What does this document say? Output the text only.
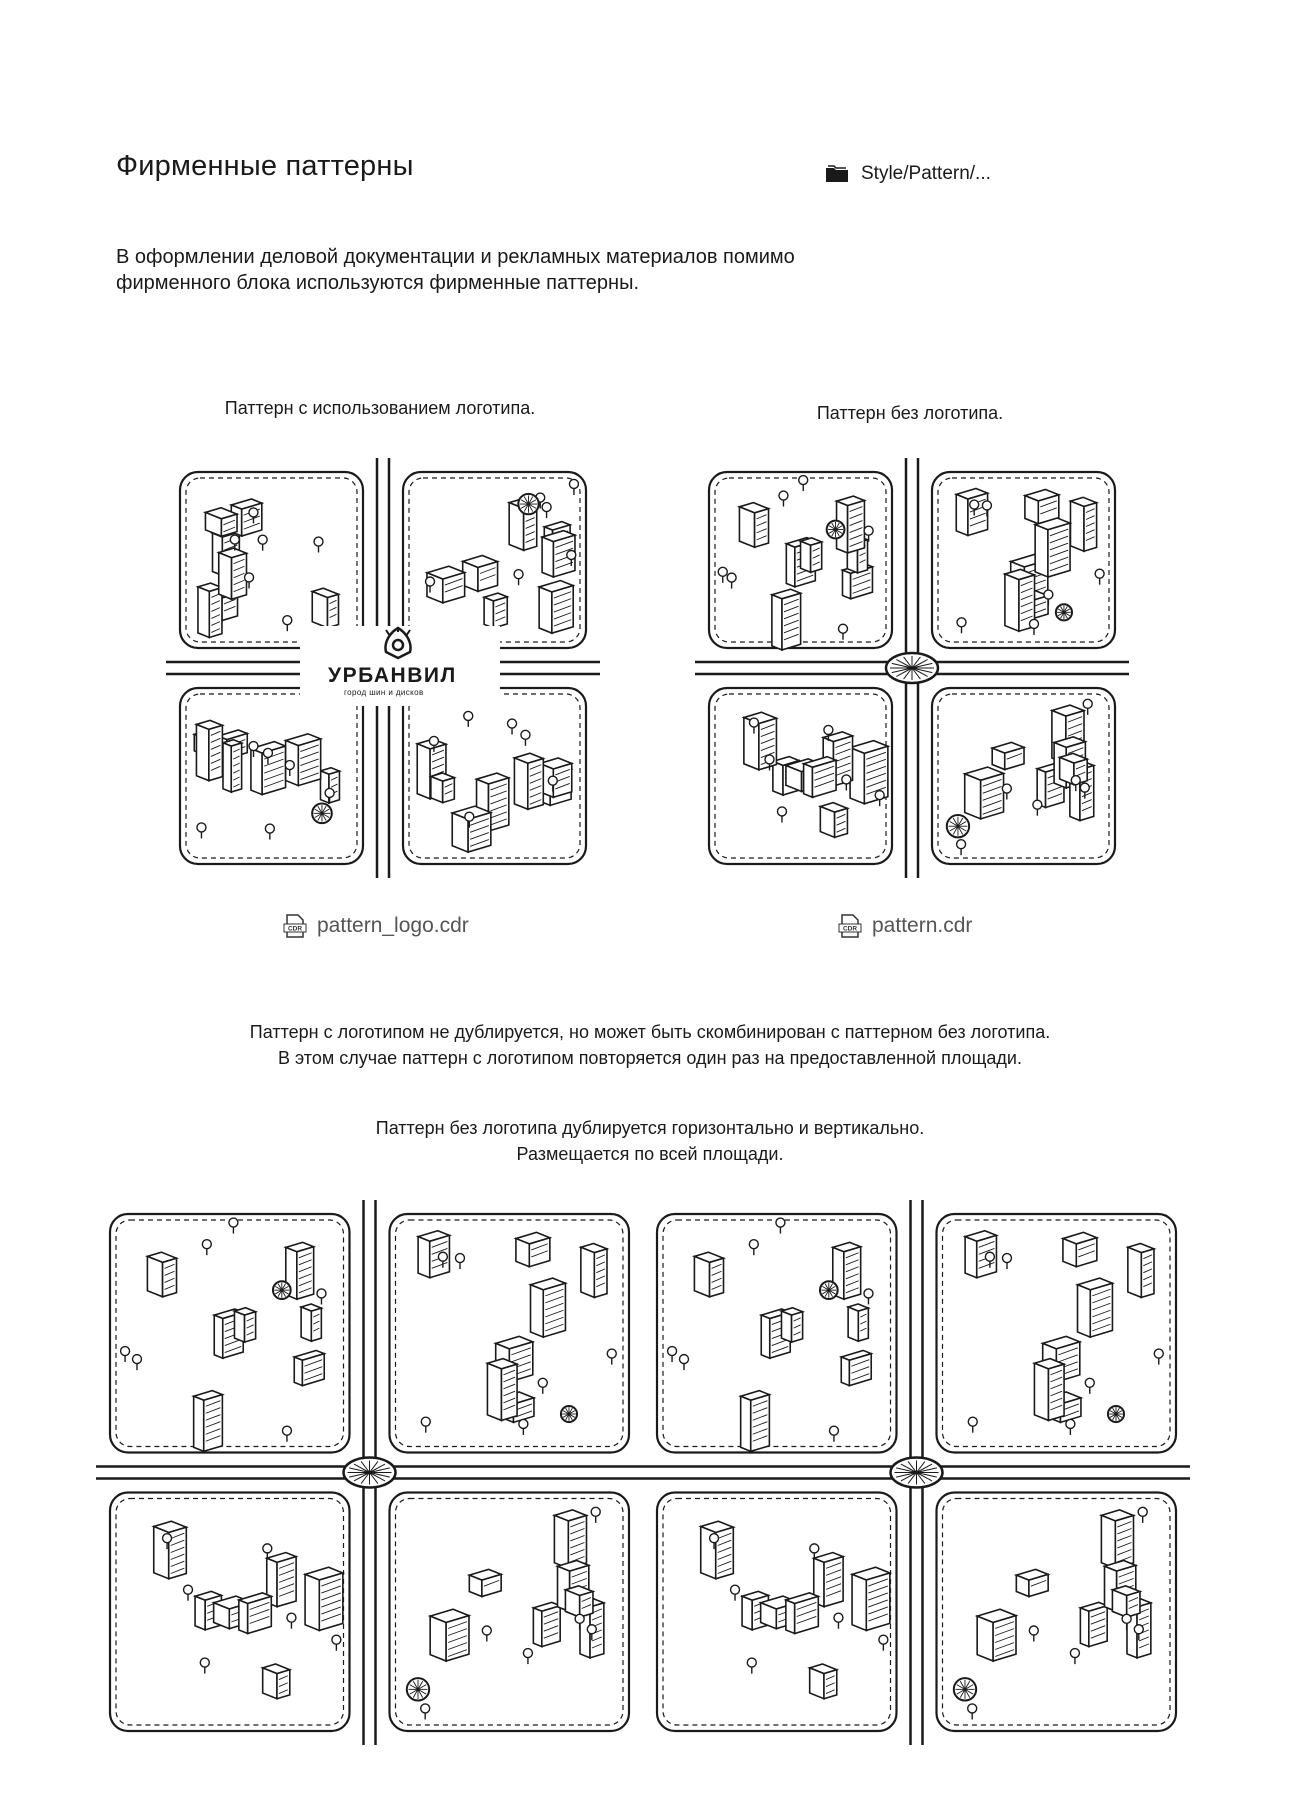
Фирменные паттерны	Style/Pattern/...

В оформлении деловой документации и рекламных материалов помимо фирменного блока используются фирменные паттерны.

Паттерн с использованием логотипа.	Паттерн без логотипа.
УРБАНВИЛ
город шин и дисков
CDR pattern_logo.cdr	CDR pattern.cdr
Паттерн с логотипом не дублируется, но может быть скомбинирован с паттерном без логотипа.
В этом случае паттерн с логотипом повторяется один раз на предоставленной площади.
Паттерн без логотипа дублируется горизонтально и вертикально.
Размещается по всей площади.
